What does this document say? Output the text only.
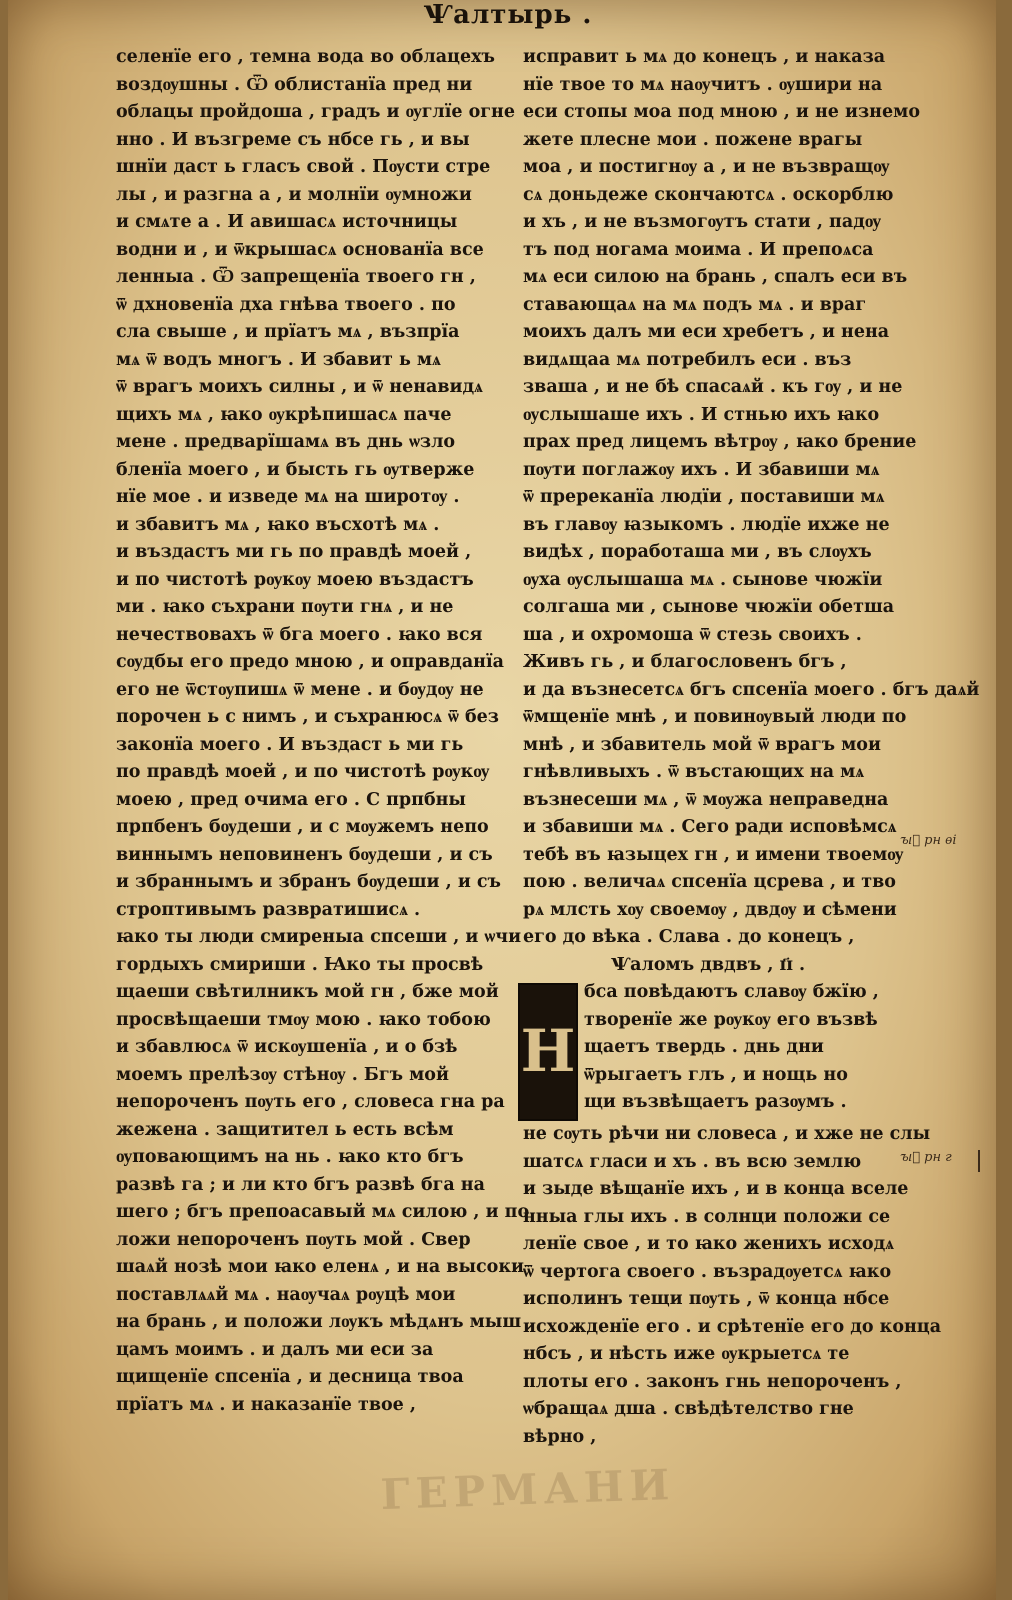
Ѱалтырь .
селенїе его , темна вода во облацехъ
воздѹшны . Ѿ облистанїа пред ни
облацы пройдоша , градъ и ѹглїе огне
нно . И възгреме съ нбсе гь , и вы
шнїи даст ь гласъ свой . Пѹсти стре
лы , и разгна а , и молнїи ѹмножи
и смѧте а . И авишасѧ источницы
водни и , и ѿкрышасѧ основанїа все
ленныа . Ѿ запрещенїа твоего гн ,
ѿ дхновенїа дха гнѣва твоего . по
сла свыше , и прїатъ мѧ , възпрїа
мѧ ѿ водъ многъ . И збавит ь мѧ
ѿ врагъ моихъ силны , и ѿ ненавидѧ
щихъ мѧ , ꙗко ѹкрѣпишасѧ паче
мене . предварїшамѧ въ днь ѡзло
бленїа моего , и бысть гь ѹтверже
нїе мое . и изведе мѧ на широтѹ .
и збавитъ мѧ , ꙗко въсхотѣ мѧ .
и въздастъ ми гь по правдѣ моей ,
и по чистотѣ рѹкѹ моею въздастъ
ми . ꙗко съхрани пѹти гнѧ , и не
нечествовахъ ѿ бга моего . ꙗко вся
сѹдбы его предо мною , и оправданїа
его не ѿстѹпишѧ ѿ мене . и бѹдѹ не
порочен ь с нимъ , и съхранюсѧ ѿ без
законїа моего . И въздаст ь ми гь
по правдѣ моей , и по чистотѣ рѹкѹ
моею , пред очима его . С прпбны
прпбенъ бѹдеши , и с мѹжемъ непо
виннымъ неповиненъ бѹдеши , и съ
и збраннымъ и збранъ бѹдеши , и съ
строптивымъ развратишисѧ .
ꙗко ты люди смиреныа спсеши , и ѡчи
гордыхъ смириши . Ꙗко ты просвѣ
щаеши свѣтилникъ мой гн , бже мой
просвѣщаеши тмѹ мою . ꙗко тобою
и збавлюсѧ ѿ искѹшенїа , и о бзѣ
моемъ прелѣзѹ стѣнѹ . Бгъ мой
непороченъ пѹть его , словеса гна ра
жежена . защитител ь есть всѣм
ѹповающимъ на нь . ꙗко кто бгъ
развѣ га ; и ли кто бгъ развѣ бга на
шего ; бгъ препоасавый мѧ силою , и по
ложи непороченъ пѹть мой . Свер
шаѧй нозѣ мои ꙗко еленѧ , и на высоки
поставлѧѧй мѧ . наѹчаѧ рѹцѣ мои
на брань , и положи лѹкъ мѣдѧнъ мыш
цамъ моимъ . и далъ ми еси за
щищенїе спсенїа , и десница твоа
прїатъ мѧ . и наказанїе твое ,
исправит ь мѧ до конецъ , и наказа
нїе твое то мѧ наѹчитъ . ѹшири на
еси стопы моа под мною , и не изнемо
жете плесне мои . пожене врагы
моа , и постигнѹ а , и не възвращѹ
сѧ доньдеже скончаютсѧ . оскорблю
и хъ , и не възмогѹтъ стати , падѹ
тъ под ногама моима . И препоѧса
мѧ еси силою на брань , спалъ еси въ
ставающаѧ на мѧ подъ мѧ . и враг
моихъ далъ ми еси хребетъ , и нена
видѧщаа мѧ потребилъ еси . въз
зваша , и не бѣ спасаѧй . къ гѹ , и не
ѹслышаше ихъ . И стнью ихъ ꙗко
прах пред лицемъ вѣтрѹ , ꙗко брение
пѹти поглажѹ ихъ . И збавиши мѧ
ѿ пререканїа людїи , поставиши мѧ
въ главѹ ꙗзыкомъ . людїе ихже не
видѣх , поработаша ми , въ слѹхъ
ѹха ѹслышаша мѧ . сынове чюжїи
солгаша ми , сынове чюжїи обетша
ша , и охромоша ѿ стезь своихъ .
Живъ гь , и благословенъ бгъ ,
и да възнесетсѧ бгъ спсенїа моего . бгъ даѧй
ѿмщенїе мнѣ , и повинѹвый люди по
мнѣ , и збавитель мой ѿ врагъ мои
гнѣвливыхъ . ѿ въстающих на мѧ
възнесеши мѧ , ѿ мѹжа неправедна
и збавиши мѧ . Сего ради исповѣмсѧ
тебѣ въ ꙗзыцех гн , и имени твоемѹ
пою . величаѧ спсенїа цсрева , и тво
рѧ млсть хѹ своемѹ , двдѹ и сѣмени
его до вѣка . Слава . до конецъ ,
Ѱаломъ двдвъ , ɪ҃ɪ .
Н
бса повѣдаютъ славѹ бжїю ,
творенїе же рѹкѹ его възвѣ
щаетъ твердь . днь дни
ѿрыгаетъ глъ , и нощь но
щи възвѣщаетъ разѹмъ .
не сѹть рѣчи ни словеса , и хже не слы
шатсѧ гласи и хъ . въ всю землю
и зыде вѣщанїе ихъ , и в конца вселе
нныа глы ихъ . в солнци положи се
ленїе свое , и то ꙗко женихъ исходѧ
ѿ чертога своего . възрадѹетсѧ ꙗко
исполинъ тещи пѹть , ѿ конца нбсе
исхожденїе его . и срѣтенїе его до конца
нбсъ , и нѣсть иже ѹкрыетсѧ те
плоты его . законъ гнь непороченъ ,
ѡбращаѧ дша . свѣдѣтелство гне
вѣрно ,
ꙑ҃ рн ѳі
ꙑ҃ рн г
ГЕРМАНИ
